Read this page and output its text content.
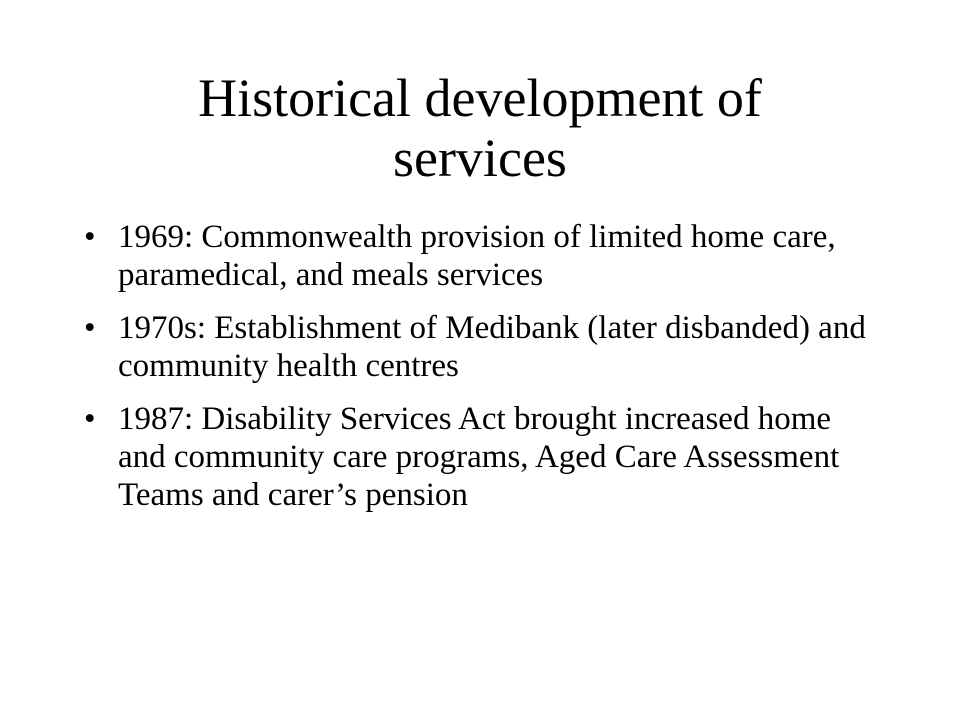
Historical development of services
• 1969: Commonwealth provision of limited home care, paramedical, and meals services
• 1970s: Establishment of Medibank (later disbanded) and community health centres
• 1987: Disability Services Act brought increased home and community care programs, Aged Care Assessment Teams and carer’s pension
